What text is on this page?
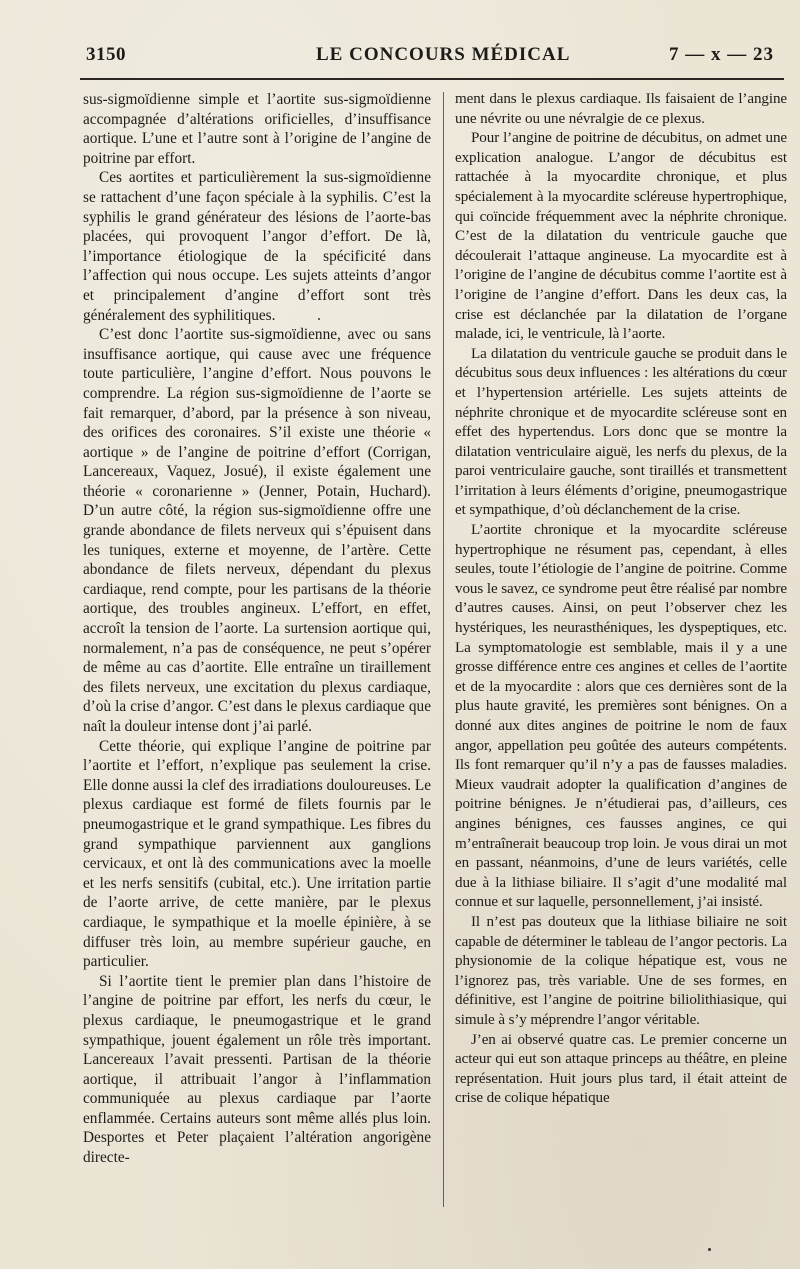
3150	LE CONCOURS MÉDICAL	7 — x — 23

sus-sigmoïdienne simple et l’aortite sus-sigmoïdienne accompagnée d’altérations orificielles, d’insuffisance aortique. L’une et l’autre sont à l’origine de l’angine de poitrine par effort.

Ces aortites et particulièrement la sus-sigmoïdienne se rattachent d’une façon spéciale à la syphilis. C’est la syphilis le grand générateur des lésions de l’aorte-bas placées, qui provoquent l’angor d’effort. De là, l’importance étiologique de la spécificité dans l’affection qui nous occupe. Les sujets atteints d’angor et principalement d’angine d’effort sont très généralement des syphilitiques.

C’est donc l’aortite sus-sigmoïdienne, avec ou sans insuffisance aortique, qui cause avec une fréquence toute particulière, l’angine d’effort. Nous pouvons le comprendre. La région sus-sigmoïdienne de l’aorte se fait remarquer, d’abord, par la présence à son niveau, des orifices des coronaires. S’il existe une théorie « aortique » de l’angine de poitrine d’effort (Corrigan, Lancereaux, Vaquez, Josué), il existe également une théorie « coronarienne » (Jenner, Potain, Huchard). D’un autre côté, la région sus-sigmoïdienne offre une grande abondance de filets nerveux qui s’épuisent dans les tuniques, externe et moyenne, de l’artère. Cette abondance de filets nerveux, dépendant du plexus cardiaque, rend compte, pour les partisans de la théorie aortique, des troubles angineux. L’effort, en effet, accroît la tension de l’aorte. La surtension aortique qui, normalement, n’a pas de conséquence, ne peut s’opérer de même au cas d’aortite. Elle entraîne un tiraillement des filets nerveux, une excitation du plexus cardiaque, d’où la crise d’angor. C’est dans le plexus cardiaque que naît la douleur intense dont j’ai parlé.

Cette théorie, qui explique l’angine de poitrine par l’aortite et l’effort, n’explique pas seulement la crise. Elle donne aussi la clef des irradiations douloureuses. Le plexus cardiaque est formé de filets fournis par le pneumogastrique et le grand sympathique. Les fibres du grand sympathique parviennent aux ganglions cervicaux, et ont là des communications avec la moelle et les nerfs sensitifs (cubital, etc.). Une irritation partie de l’aorte arrive, de cette manière, par le plexus cardiaque, le sympathique et la moelle épinière, à se diffuser très loin, au membre supérieur gauche, en particulier.

Si l’aortite tient le premier plan dans l’histoire de l’angine de poitrine par effort, les nerfs du cœur, le plexus cardiaque, le pneumogastrique et le grand sympathique, jouent également un rôle très important. Lancereaux l’avait pressenti. Partisan de la théorie aortique, il attribuait l’angor à l’inflammation communiquée au plexus cardiaque par l’aorte enflammée. Certains auteurs sont même allés plus loin. Desportes et Peter plaçaient l’altération angorigène directe-

ment dans le plexus cardiaque. Ils faisaient de l’angine une névrite ou une névralgie de ce plexus.

Pour l’angine de poitrine de décubitus, on admet une explication analogue. L’angor de décubitus est rattachée à la myocardite chronique, et plus spécialement à la myocardite scléreuse hypertrophique, qui coïncide fréquemment avec la néphrite chronique. C’est de la dilatation du ventricule gauche que découlerait l’attaque angineuse. La myocardite est à l’origine de l’angine de décubitus comme l’aortite est à l’origine de l’angine d’effort. Dans les deux cas, la crise est déclanchée par la dilatation de l’organe malade, ici, le ventricule, là l’aorte.

La dilatation du ventricule gauche se produit dans le décubitus sous deux influences : les altérations du cœur et l’hypertension artérielle. Les sujets atteints de néphrite chronique et de myocardite scléreuse sont en effet des hypertendus. Lors donc que se montre la dilatation ventriculaire aiguë, les nerfs du plexus, de la paroi ventriculaire gauche, sont tiraillés et transmettent l’irritation à leurs éléments d’origine, pneumogastrique et sympathique, d’où déclanchement de la crise.

L’aortite chronique et la myocardite scléreuse hypertrophique ne résument pas, cependant, à elles seules, toute l’étiologie de l’angine de poitrine. Comme vous le savez, ce syndrome peut être réalisé par nombre d’autres causes. Ainsi, on peut l’observer chez les hystériques, les neurasthéniques, les dyspeptiques, etc. La symptomatologie est semblable, mais il y a une grosse différence entre ces angines et celles de l’aortite et de la myocardite : alors que ces dernières sont de la plus haute gravité, les premières sont bénignes. On a donné aux dites angines de poitrine le nom de faux angor, appellation peu goûtée des auteurs compétents. Ils font remarquer qu’il n’y a pas de fausses maladies. Mieux vaudrait adopter la qualification d’angines de poitrine bénignes. Je n’étudierai pas, d’ailleurs, ces angines bénignes, ces fausses angines, ce qui m’entraînerait beaucoup trop loin. Je vous dirai un mot en passant, néanmoins, d’une de leurs variétés, celle due à la lithiase biliaire. Il s’agit d’une modalité mal connue et sur laquelle, personnellement, j’ai insisté.

Il n’est pas douteux que la lithiase biliaire ne soit capable de déterminer le tableau de l’angor pectoris. La physionomie de la colique hépatique est, vous ne l’ignorez pas, très variable. Une de ses formes, en définitive, est l’angine de poitrine biliolithiasique, qui simule à s’y méprendre l’angor véritable.

J’en ai observé quatre cas. Le premier concerne un acteur qui eut son attaque princeps au théâtre, en pleine représentation. Huit jours plus tard, il était atteint de crise de colique hépatique
